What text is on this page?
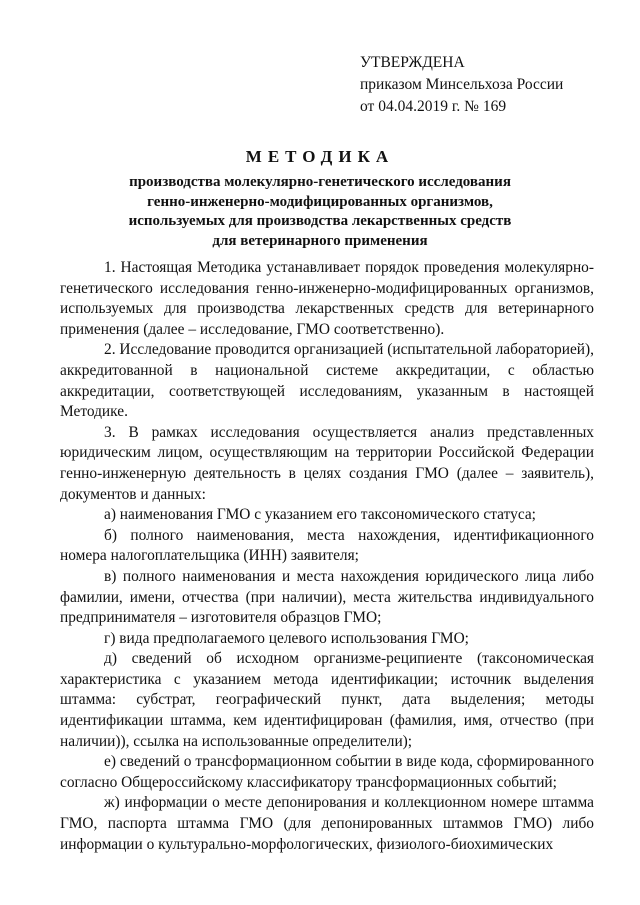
УТВЕРЖДЕНА
приказом Минсельхоза России
от 04.04.2019 г. № 169
МЕТОДИКА
производства молекулярно-генетического исследования
генно-инженерно-модифицированных организмов,
используемых для производства лекарственных средств
для ветеринарного применения

1. Настоящая Методика устанавливает порядок проведения молекулярно-генетического исследования генно-инженерно-модифицированных организмов, используемых для производства лекарственных средств для ветеринарного применения (далее – исследование, ГМО соответственно).

2. Исследование проводится организацией (испытательной лабораторией), аккредитованной в национальной системе аккредитации, с областью аккредитации, соответствующей исследованиям, указанным в настоящей Методике.

3. В рамках исследования осуществляется анализ представленных юридическим лицом, осуществляющим на территории Российской Федерации генно-инженерную деятельность в целях создания ГМО (далее – заявитель), документов и данных:

а) наименования ГМО с указанием его таксономического статуса;

б) полного наименования, места нахождения, идентификационного номера налогоплательщика (ИНН) заявителя;

в) полного наименования и места нахождения юридического лица либо фамилии, имени, отчества (при наличии), места жительства индивидуального предпринимателя – изготовителя образцов ГМО;

г) вида предполагаемого целевого использования ГМО;

д) сведений об исходном организме-реципиенте (таксономическая характеристика с указанием метода идентификации; источник выделения штамма: субстрат, географический пункт, дата выделения; методы идентификации штамма, кем идентифицирован (фамилия, имя, отчество (при наличии)), ссылка на использованные определители);

е) сведений о трансформационном событии в виде кода, сформированного согласно Общероссийскому классификатору трансформационных событий;

ж) информации о месте депонирования и коллекционном номере штамма ГМО, паспорта штамма ГМО (для депонированных штаммов ГМО) либо информации о культурально-морфологических, физиолого-биохимических
